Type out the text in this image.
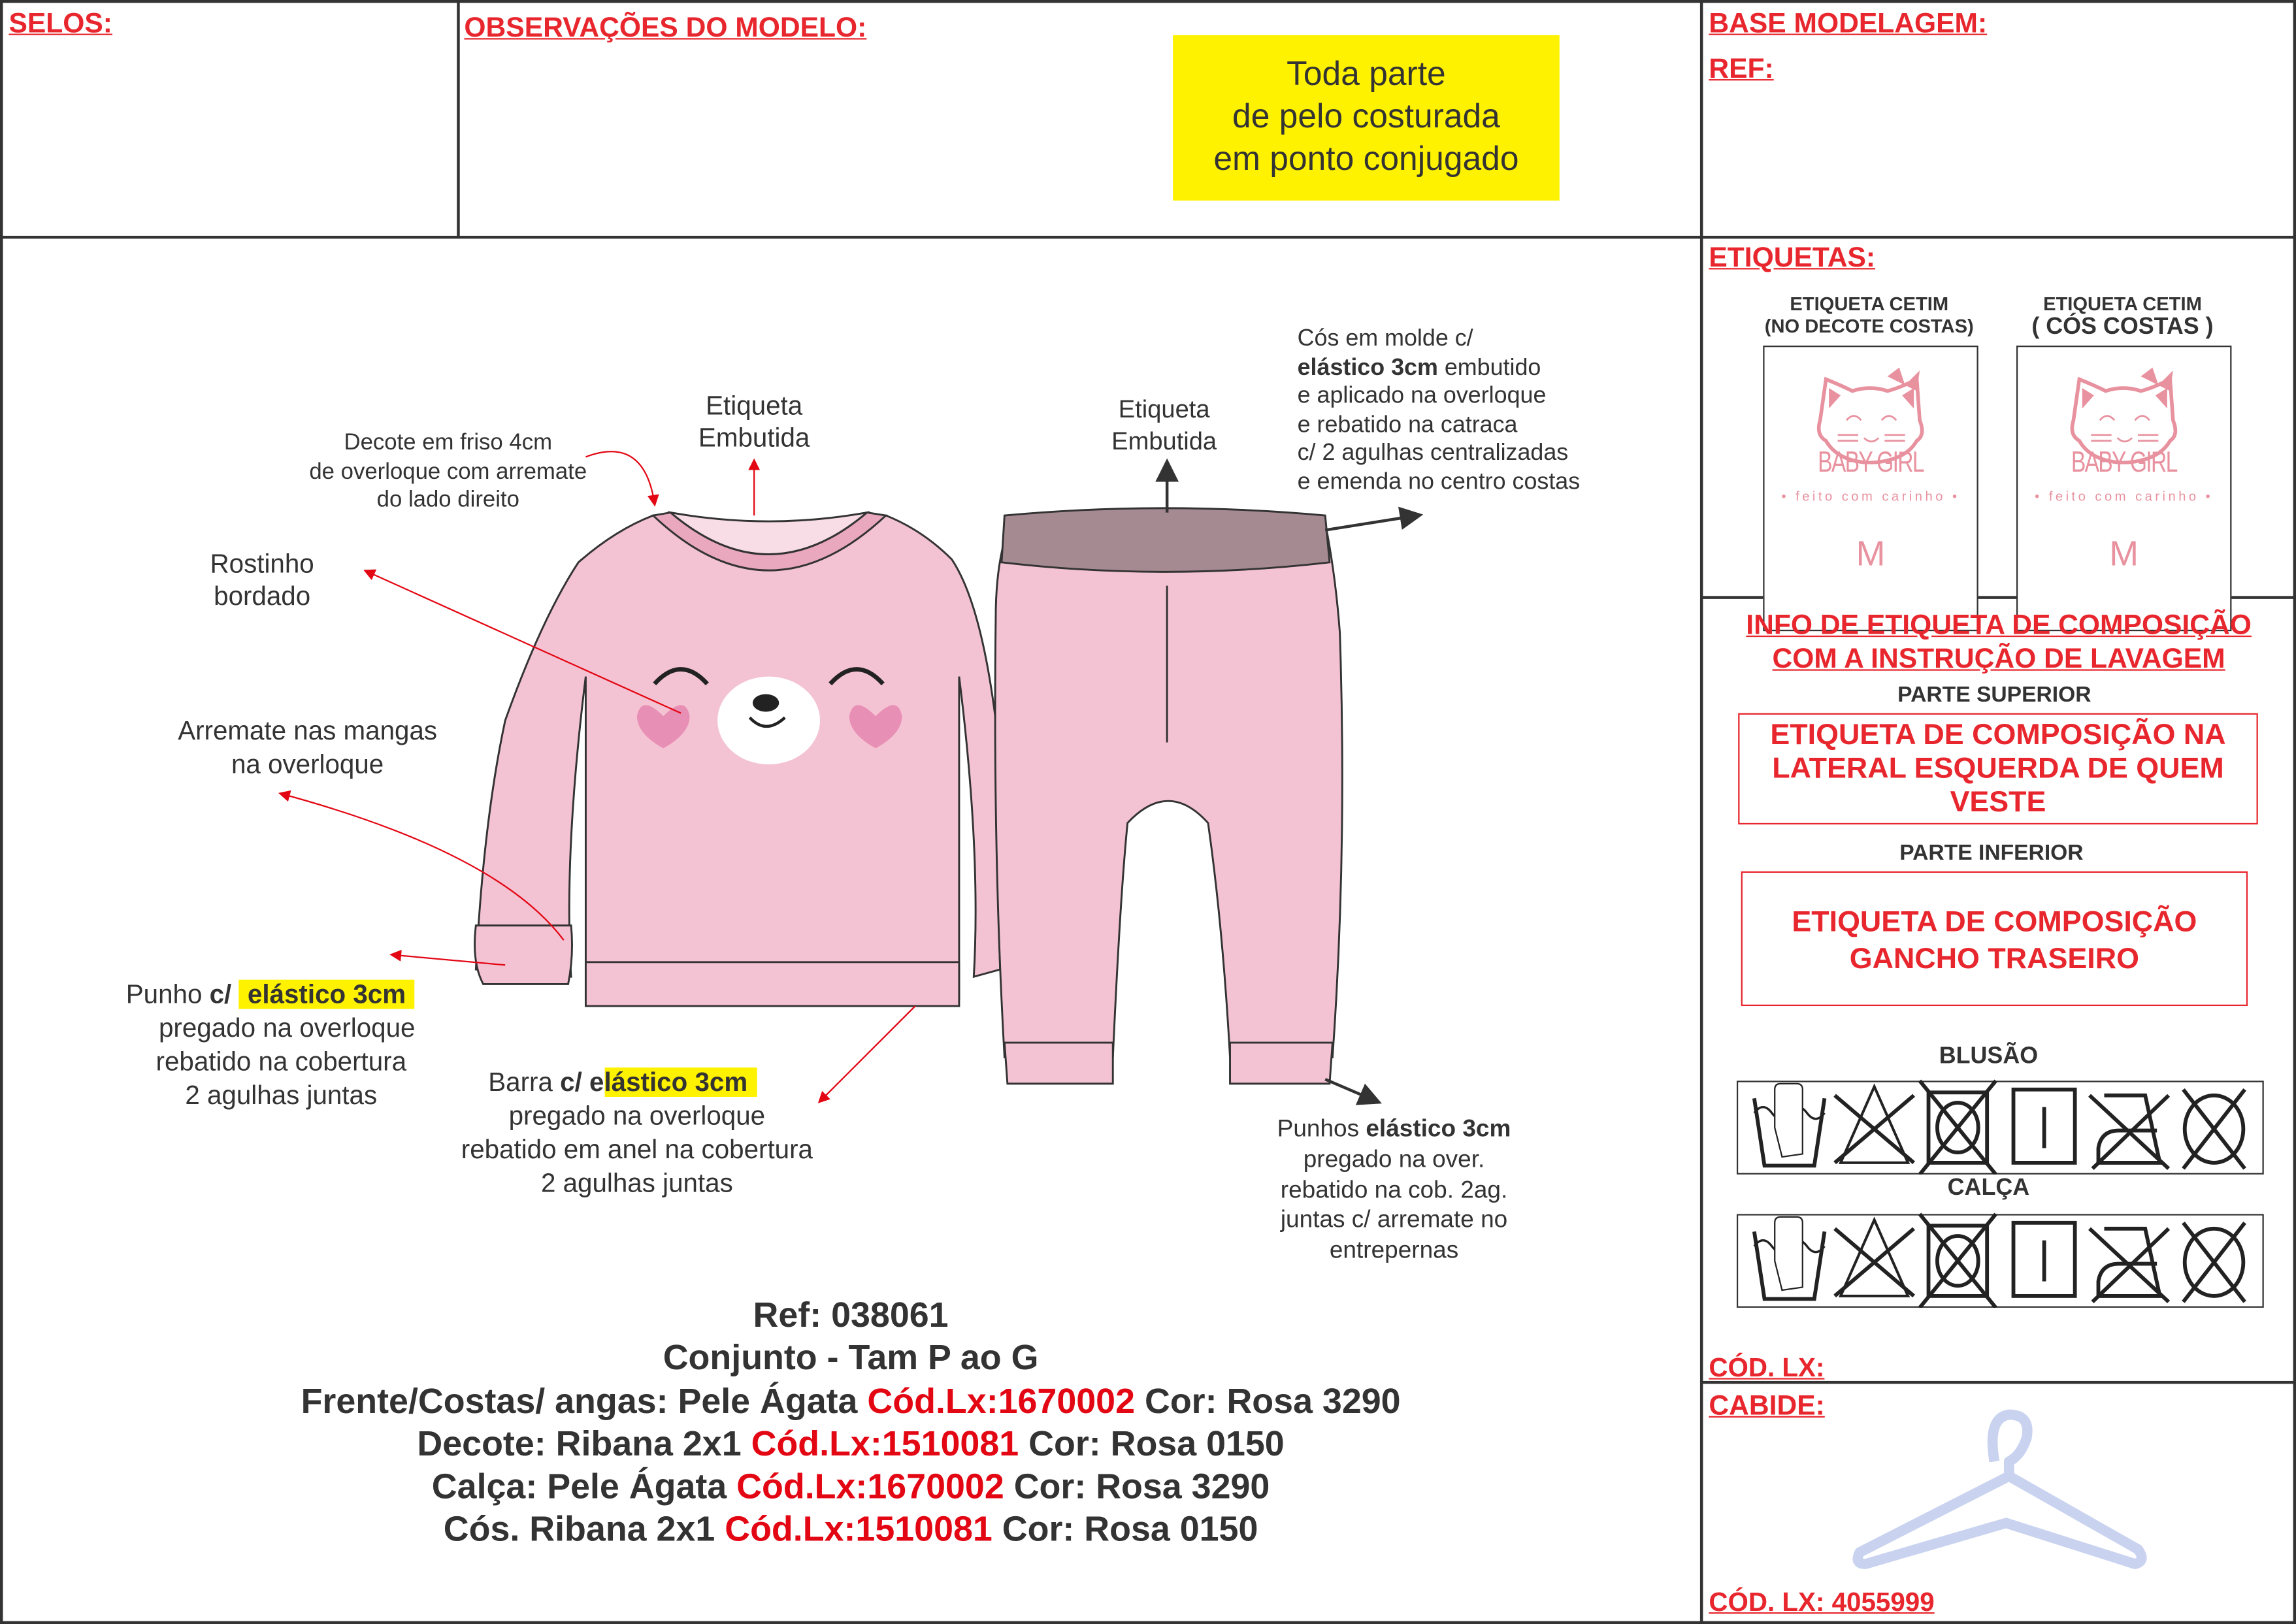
SELOS:	OBSERVAÇÕES DO MODELO:
Toda parte
de pelo costurada
em ponto conjugado
BASE MODELAGEM:
REF:
Decote em friso 4cm
de overloque com arremate
do lado direito
Etiqueta
Embutida
Etiqueta
Embutida
Cós em molde c/
elástico 3cm embutido
e aplicado na overloque
e rebatido na catraca
c/ 2 agulhas centralizadas
e emenda no centro costas
Rostinho
bordado
Arremate nas mangas
na overloque
Punho c/ elástico 3cm
pregado na overloque
rebatido na cobertura
2 agulhas juntas	Barra c/ elástico 3cm
pregado na overloque
rebatido em anel na cobertura
2 agulhas juntas
Punhos elástico 3cm
pregado na over.
rebatido na cob. 2ag.
juntas c/ arremate no
entrepernas
Ref: 038061
Conjunto - Tam P ao G
Frente/Costas/ angas: Pele Ágata Cód.Lx:1670002 Cor: Rosa 3290
Decote: Ribana 2x1 Cód.Lx:1510081 Cor: Rosa 0150
Calça: Pele Ágata Cód.Lx:1670002 Cor: Rosa 3290
Cós. Ribana 2x1 Cód.Lx:1510081 Cor: Rosa 0150
ETIQUETAS:
ETIQUETA CETIM
(NO DECOTE COSTAS)
BABY GIRL
• feito com carinho •
M
ETIQUETA CETIM
( CÓS COSTAS )
BABY GIRL
• feito com carinho •
M
INFO DE ETIQUETA DE COMPOSIÇÃO
COM A INSTRUÇÃO DE LAVAGEM
PARTE SUPERIOR
ETIQUETA DE COMPOSIÇÃO NA
LATERAL ESQUERDA DE QUEM
VESTE
PARTE INFERIOR
ETIQUETA DE COMPOSIÇÃO
GANCHO TRASEIRO
BLUSÃO
CALÇA
CÓD. LX:
CABIDE:
CÓD. LX: 4055999
